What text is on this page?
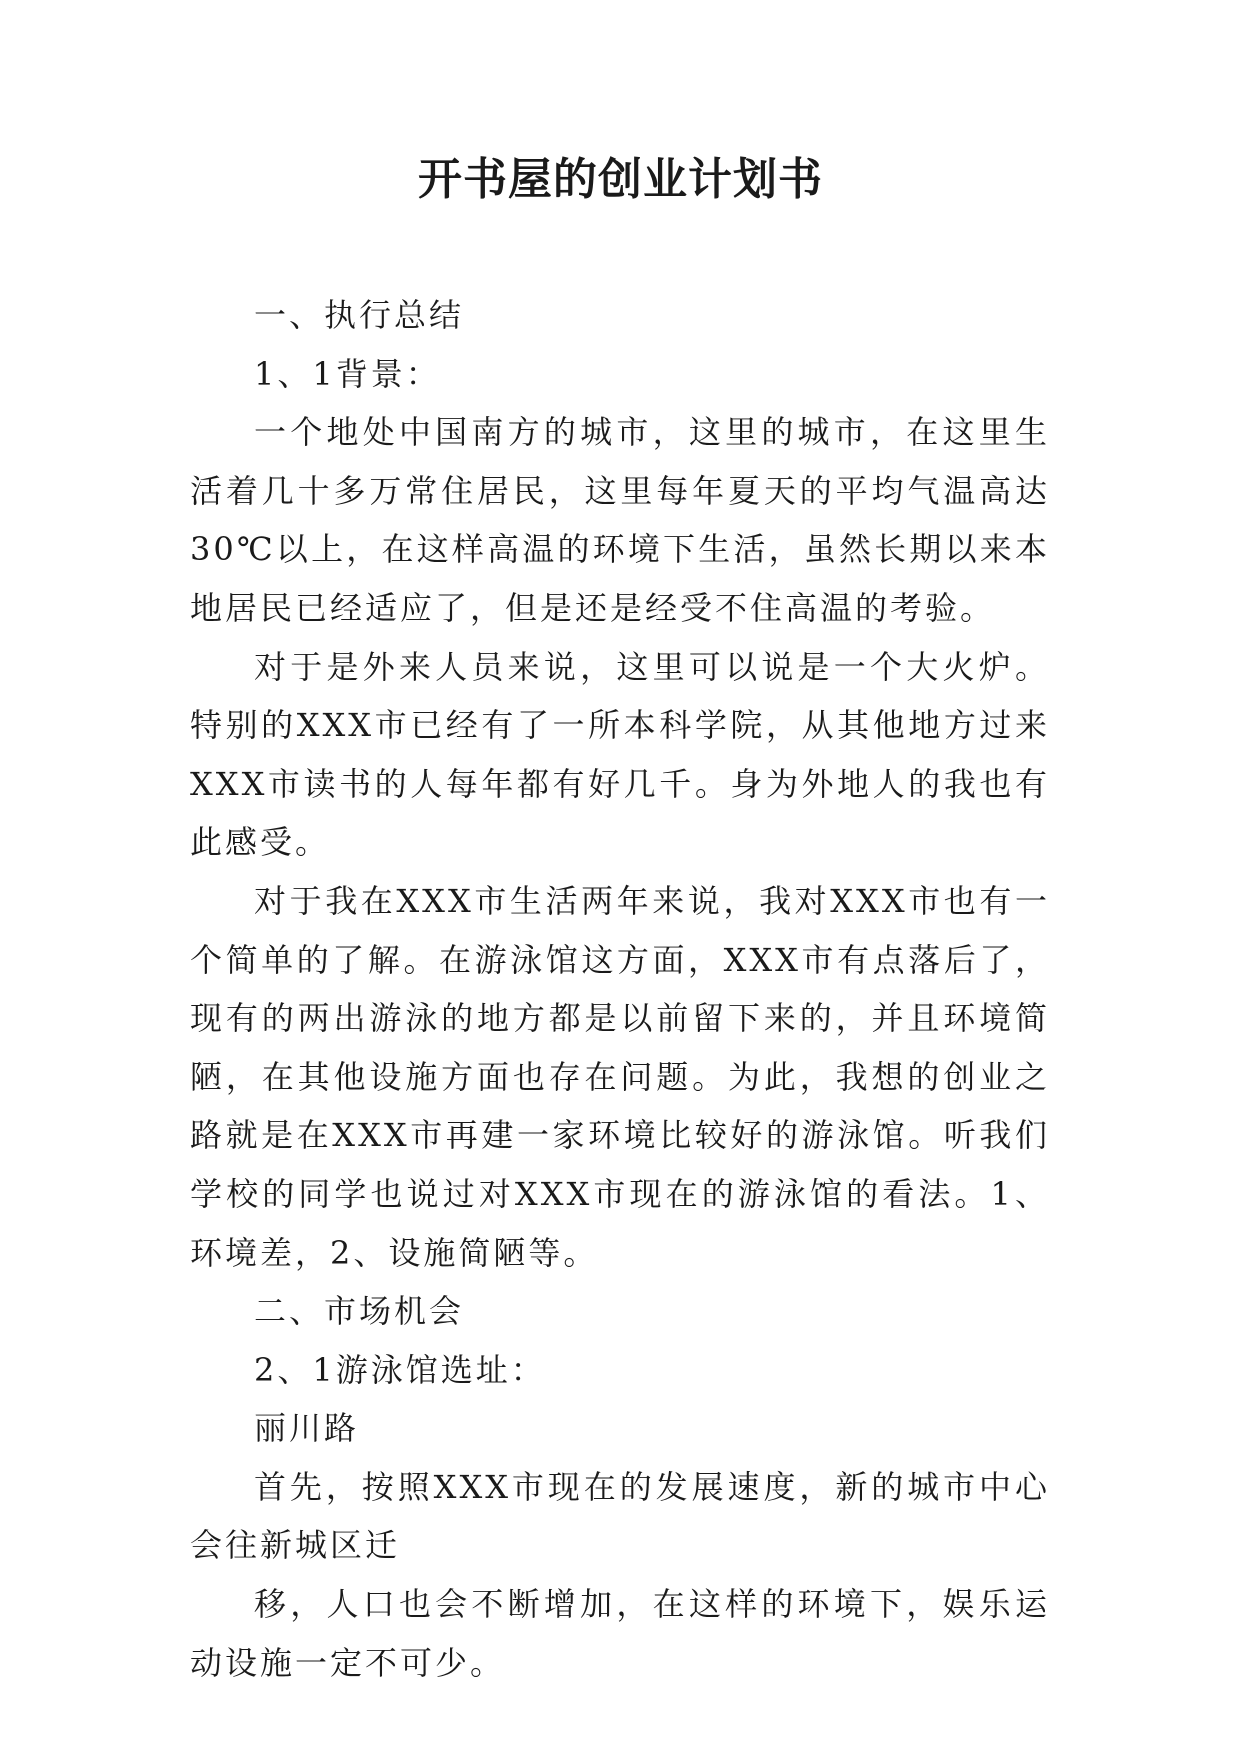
开书屋的创业计划书

一、执行总结

1、1背景：

一个地处中国南方的城市，这里的城市，在这里生活着几十多万常住居民，这里每年夏天的平均气温高达30℃以上，在这样高温的环境下生活，虽然长期以来本地居民已经适应了，但是还是经受不住高温的考验。

对于是外来人员来说，这里可以说是一个大火炉。特别的XXX市已经有了一所本科学院，从其他地方过来XXX市读书的人每年都有好几千。身为外地人的我也有此感受。

对于我在XXX市生活两年来说，我对XXX市也有一个简单的了解。在游泳馆这方面，XXX市有点落后了，现有的两出游泳的地方都是以前留下来的，并且环境简陋，在其他设施方面也存在问题。为此，我想的创业之路就是在XXX市再建一家环境比较好的游泳馆。听我们学校的同学也说过对XXX市现在的游泳馆的看法。1、环境差，2、设施简陋等。

二、市场机会

2、1游泳馆选址：

丽川路

首先，按照XXX市现在的发展速度，新的城市中心会往新城区迁

移，人口也会不断增加，在这样的环境下，娱乐运动设施一定不可少。
